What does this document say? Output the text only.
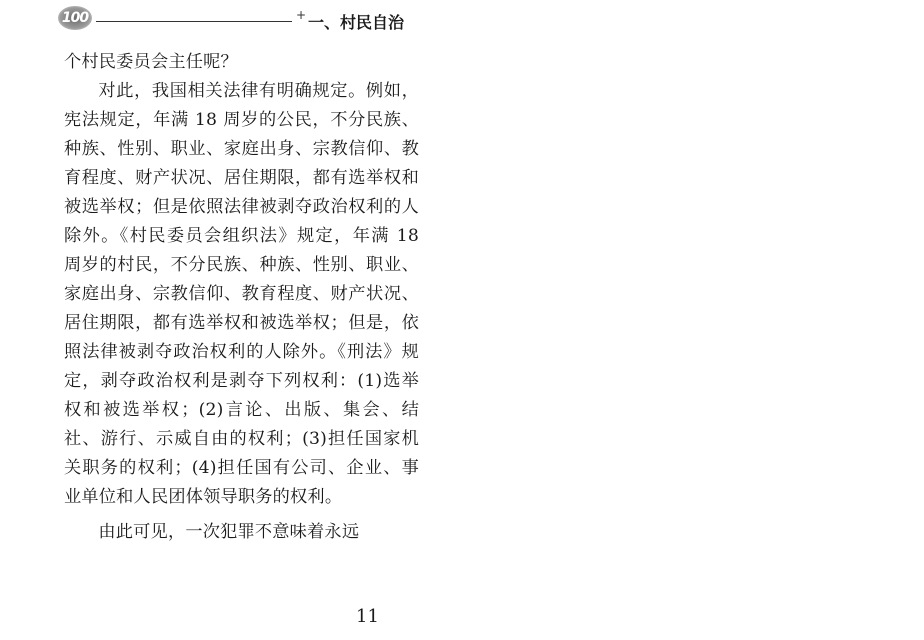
100	+ 一、村民自治

个村民委员会主任呢？

对此，我国相关法律有明确规定。例如，宪法规定，年满 18 周岁的公民，不分民族、种族、性别、职业、家庭出身、宗教信仰、教育程度、财产状况、居住期限，都有选举权和被选举权；但是依照法律被剥夺政治权利的人除外。《村民委员会组织法》规定，年满 18 周岁的村民，不分民族、种族、性别、职业、家庭出身、宗教信仰、教育程度、财产状况、居住期限，都有选举权和被选举权；但是，依照法律被剥夺政治权利的人除外。《刑法》规定，剥夺政治权利是剥夺下列权利：(1)选举权和被选举权；(2)言论、出版、集会、结社、游行、示威自由的权利；(3)担任国家机关职务的权利；(4)担任国有公司、企业、事业单位和人民团体领导职务的权利。

由此可见，一次犯罪不意味着永远

11
